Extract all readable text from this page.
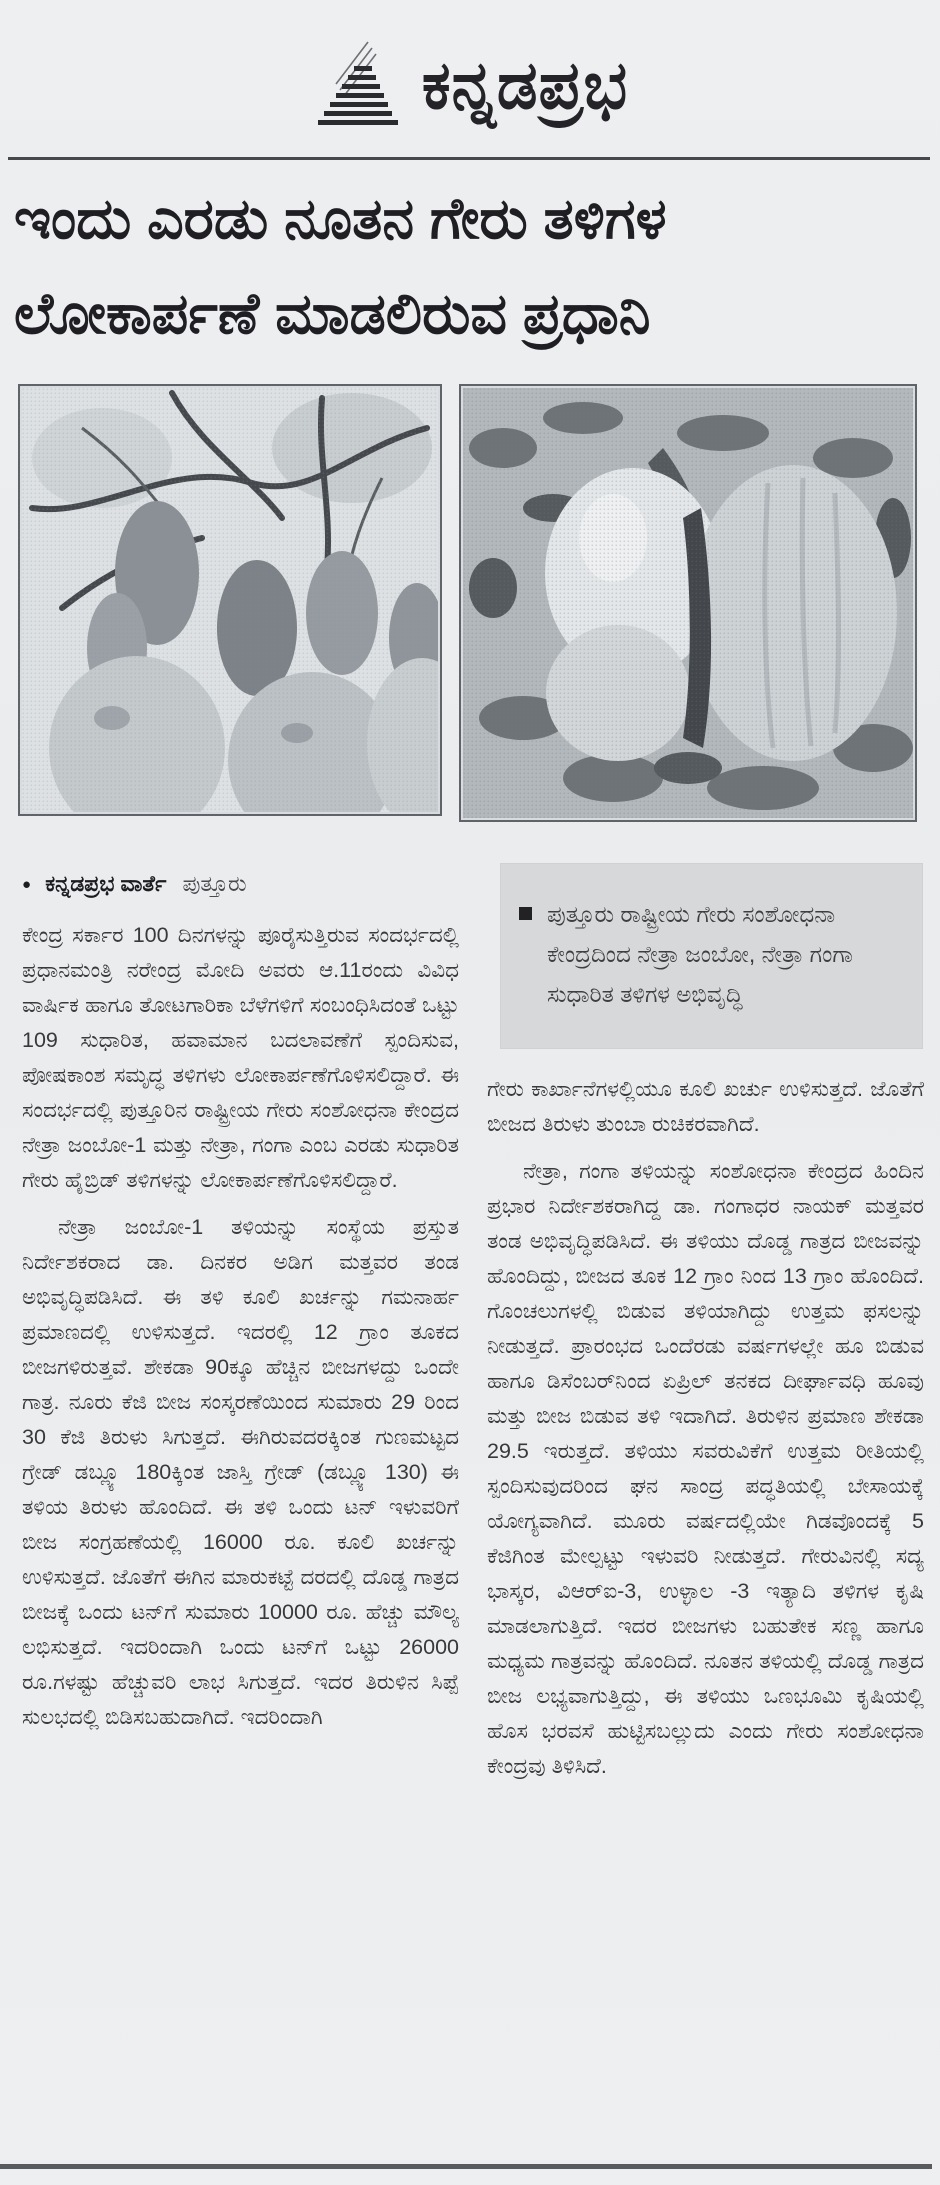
ಕನ್ನಡಪ್ರಭ
ಇಂದು ಎರಡು ನೂತನ ಗೇರು ತಳಿಗಳ
ಲೋಕಾರ್ಪಣೆ ಮಾಡಲಿರುವ ಪ್ರಧಾನಿ
● ಕನ್ನಡಪ್ರಭ ವಾರ್ತೆ ಪುತ್ತೂರು

ಕೇಂದ್ರ ಸರ್ಕಾರ 100 ದಿನಗಳನ್ನು ಪೂರೈಸುತ್ತಿರುವ ಸಂದರ್ಭದಲ್ಲಿ ಪ್ರಧಾನಮಂತ್ರಿ ನರೇಂದ್ರ ಮೋದಿ ಅವರು ಆ.11ರಂದು ವಿವಿಧ ವಾರ್ಷಿಕ ಹಾಗೂ ತೋಟಗಾರಿಕಾ ಬೆಳೆಗಳಿಗೆ ಸಂಬಂಧಿಸಿದಂತೆ ಒಟ್ಟು 109 ಸುಧಾರಿತ, ಹವಾಮಾನ ಬದಲಾವಣೆಗೆ ಸ್ಪಂದಿಸುವ, ಪೋಷಕಾಂಶ ಸಮೃದ್ಧ ತಳಿಗಳು ಲೋಕಾರ್ಪಣೆಗೊಳಿಸಲಿದ್ದಾರೆ. ಈ ಸಂದರ್ಭದಲ್ಲಿ ಪುತ್ತೂರಿನ ರಾಷ್ಟ್ರೀಯ ಗೇರು ಸಂಶೋಧನಾ ಕೇಂದ್ರದ ನೇತ್ರಾ ಜಂಬೋ-1 ಮತ್ತು ನೇತ್ರಾ, ಗಂಗಾ ಎಂಬ ಎರಡು ಸುಧಾರಿತ ಗೇರು ಹೈಬ್ರಿಡ್ ತಳಿಗಳನ್ನು ಲೋಕಾರ್ಪಣೆಗೊಳಿಸಲಿದ್ದಾರೆ.

ನೇತ್ರಾ ಜಂಬೋ-1 ತಳಿಯನ್ನು ಸಂಸ್ಥೆಯ ಪ್ರಸ್ತುತ ನಿರ್ದೇಶಕರಾದ ಡಾ. ದಿನಕರ ಅಡಿಗ ಮತ್ತವರ ತಂಡ ಅಭಿವೃದ್ಧಿಪಡಿಸಿದೆ. ಈ ತಳಿ ಕೂಲಿ ಖರ್ಚನ್ನು ಗಮನಾರ್ಹ ಪ್ರಮಾಣದಲ್ಲಿ ಉಳಿಸುತ್ತದೆ. ಇದರಲ್ಲಿ 12 ಗ್ರಾಂ ತೂಕದ ಬೀಜಗಳಿರುತ್ತವೆ. ಶೇಕಡಾ 90ಕ್ಕೂ ಹೆಚ್ಚಿನ ಬೀಜಗಳದ್ದು ಒಂದೇ ಗಾತ್ರ. ನೂರು ಕೆಜಿ ಬೀಜ ಸಂಸ್ಕರಣೆಯಿಂದ ಸುಮಾರು 29 ರಿಂದ 30 ಕೆಜಿ ತಿರುಳು ಸಿಗುತ್ತದೆ. ಈಗಿರುವದರಕ್ಕಿಂತ ಗುಣಮಟ್ಟದ ಗ್ರೇಡ್ ಡಬ್ಲ್ಯೂ 180ಕ್ಕಿಂತ ಜಾಸ್ತಿ ಗ್ರೇಡ್ (ಡಬ್ಲ್ಯೂ 130) ಈ ತಳಿಯ ತಿರುಳು ಹೊಂದಿದೆ. ಈ ತಳಿ ಒಂದು ಟನ್ ಇಳುವರಿಗೆ ಬೀಜ ಸಂಗ್ರಹಣೆಯಲ್ಲಿ 16000 ರೂ. ಕೂಲಿ ಖರ್ಚನ್ನು ಉಳಿಸುತ್ತದೆ. ಜೊತೆಗೆ ಈಗಿನ ಮಾರುಕಟ್ಟೆ ದರದಲ್ಲಿ ದೊಡ್ಡ ಗಾತ್ರದ ಬೀಜಕ್ಕೆ ಒಂದು ಟನ್‌ಗೆ ಸುಮಾರು 10000 ರೂ. ಹೆಚ್ಚು ಮೌಲ್ಯ ಲಭಿಸುತ್ತದೆ. ಇದರಿಂದಾಗಿ ಒಂದು ಟನ್‌ಗೆ ಒಟ್ಟು 26000 ರೂ.ಗಳಷ್ಟು ಹೆಚ್ಚುವರಿ ಲಾಭ ಸಿಗುತ್ತದೆ. ಇದರ ತಿರುಳಿನ ಸಿಪ್ಪೆ ಸುಲಭದಲ್ಲಿ ಬಿಡಿಸಬಹುದಾಗಿದೆ. ಇದರಿಂದಾಗಿ

ಪುತ್ತೂರು ರಾಷ್ಟ್ರೀಯ ಗೇರು ಸಂಶೋಧನಾ ಕೇಂದ್ರದಿಂದ ನೇತ್ರಾ ಜಂಬೋ, ನೇತ್ರಾ ಗಂಗಾ ಸುಧಾರಿತ ತಳಿಗಳ ಅಭಿವೃದ್ಧಿ

ಗೇರು ಕಾರ್ಖಾನೆಗಳಲ್ಲಿಯೂ ಕೂಲಿ ಖರ್ಚು ಉಳಿಸುತ್ತದೆ. ಜೊತೆಗೆ ಬೀಜದ ತಿರುಳು ತುಂಬಾ ರುಚಿಕರವಾಗಿದೆ.

ನೇತ್ರಾ, ಗಂಗಾ ತಳಿಯನ್ನು ಸಂಶೋಧನಾ ಕೇಂದ್ರದ ಹಿಂದಿನ ಪ್ರಭಾರ ನಿರ್ದೇಶಕರಾಗಿದ್ದ ಡಾ. ಗಂಗಾಧರ ನಾಯಕ್ ಮತ್ತವರ ತಂಡ ಅಭಿವೃದ್ಧಿಪಡಿಸಿದೆ. ಈ ತಳಿಯು ದೊಡ್ಡ ಗಾತ್ರದ ಬೀಜವನ್ನು ಹೊಂದಿದ್ದು, ಬೀಜದ ತೂಕ 12 ಗ್ರಾಂ ನಿಂದ 13 ಗ್ರಾಂ ಹೊಂದಿದೆ. ಗೊಂಚಲುಗಳಲ್ಲಿ ಬಿಡುವ ತಳಿಯಾಗಿದ್ದು ಉತ್ತಮ ಫಸಲನ್ನು ನೀಡುತ್ತದೆ. ಪ್ರಾರಂಭದ ಒಂದೆರಡು ವರ್ಷಗಳಲ್ಲೇ ಹೂ ಬಿಡುವ ಹಾಗೂ ಡಿಸೆಂಬರ್‌ನಿಂದ ಏಪ್ರಿಲ್ ತನಕದ ದೀರ್ಘಾವಧಿ ಹೂವು ಮತ್ತು ಬೀಜ ಬಿಡುವ ತಳಿ ಇದಾಗಿದೆ. ತಿರುಳಿನ ಪ್ರಮಾಣ ಶೇಕಡಾ 29.5 ಇರುತ್ತದೆ. ತಳಿಯು ಸವರುವಿಕೆಗೆ ಉತ್ತಮ ರೀತಿಯಲ್ಲಿ ಸ್ಪಂದಿಸುವುದರಿಂದ ಘನ ಸಾಂದ್ರ ಪದ್ಧತಿಯಲ್ಲಿ ಬೇಸಾಯಕ್ಕೆ ಯೋಗ್ಯವಾಗಿದೆ. ಮೂರು ವರ್ಷದಲ್ಲಿಯೇ ಗಿಡವೊಂದಕ್ಕೆ 5 ಕೆಜಿಗಿಂತ ಮೇಲ್ಪಟ್ಟು ಇಳುವರಿ ನೀಡುತ್ತದೆ. ಗೇರುವಿನಲ್ಲಿ ಸದ್ಯ ಭಾಸ್ಕರ, ವಿಆರ್‌ಐ-3, ಉಳ್ಳಾಲ -3 ಇತ್ಯಾದಿ ತಳಿಗಳ ಕೃಷಿ ಮಾಡಲಾಗುತ್ತಿದೆ. ಇದರ ಬೀಜಗಳು ಬಹುತೇಕ ಸಣ್ಣ ಹಾಗೂ ಮಧ್ಯಮ ಗಾತ್ರವನ್ನು ಹೊಂದಿದೆ. ನೂತನ ತಳಿಯಲ್ಲಿ ದೊಡ್ಡ ಗಾತ್ರದ ಬೀಜ ಲಭ್ಯವಾಗುತ್ತಿದ್ದು, ಈ ತಳಿಯು ಒಣಭೂಮಿ ಕೃಷಿಯಲ್ಲಿ ಹೊಸ ಭರವಸೆ ಹುಟ್ಟಿಸಬಲ್ಲುದು ಎಂದು ಗೇರು ಸಂಶೋಧನಾ ಕೇಂದ್ರವು ತಿಳಿಸಿದೆ.
